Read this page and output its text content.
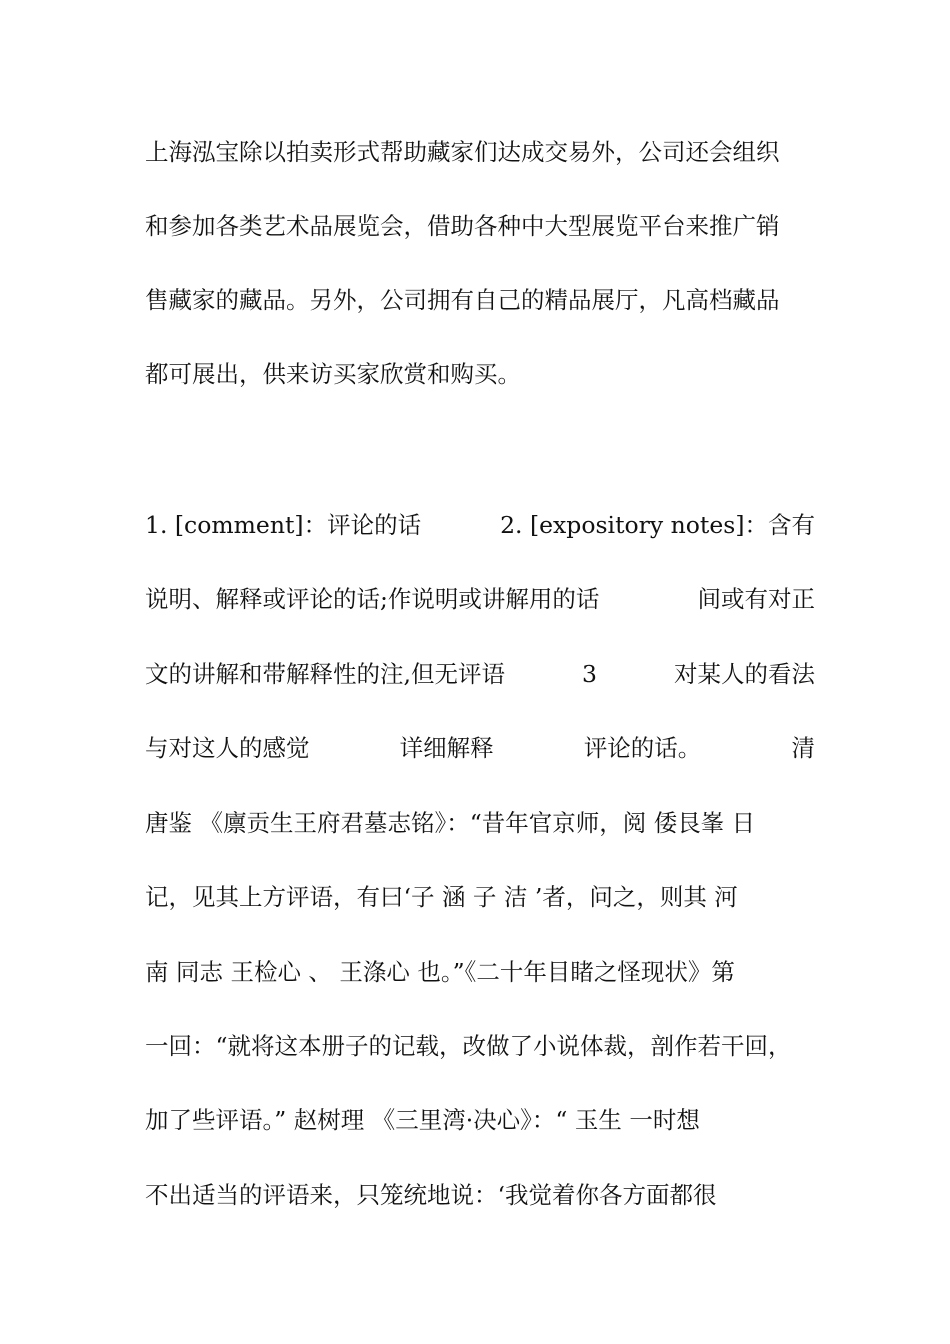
上海泓宝除以拍卖形式帮助藏家们达成交易外，公司还会组织
和参加各类艺术品展览会，借助各种中大型展览平台来推广销
售藏家的藏品。另外，公司拥有自己的精品展厅，凡高档藏品
都可展出，供来访买家欣赏和购买。
1. [comment]：评论的话	2. [expository notes]：含有
说明、解释或评论的话;作说明或讲解用的话	间或有对正
文的讲解和带解释性的注,但无评语	3	对某人的看法
与对这人的感觉	详细解释	评论的话。	清
唐鉴 《廪贡生王府君墓志铭》：“昔年官京师，阅 倭艮峯 日
记，见其上方评语，有曰‘子 涵 子 洁 ’者，问之，则其 河
南 同志 王检心 、 王涤心 也。”《二十年目睹之怪现状》第
一回：“就将这本册子的记载，改做了小说体裁，剖作若干回，
加了些评语。” 赵树理 《三里湾·决心》：“ 玉生 一时想
不出适当的评语来，只笼统地说：‘我觉着你各方面都很
